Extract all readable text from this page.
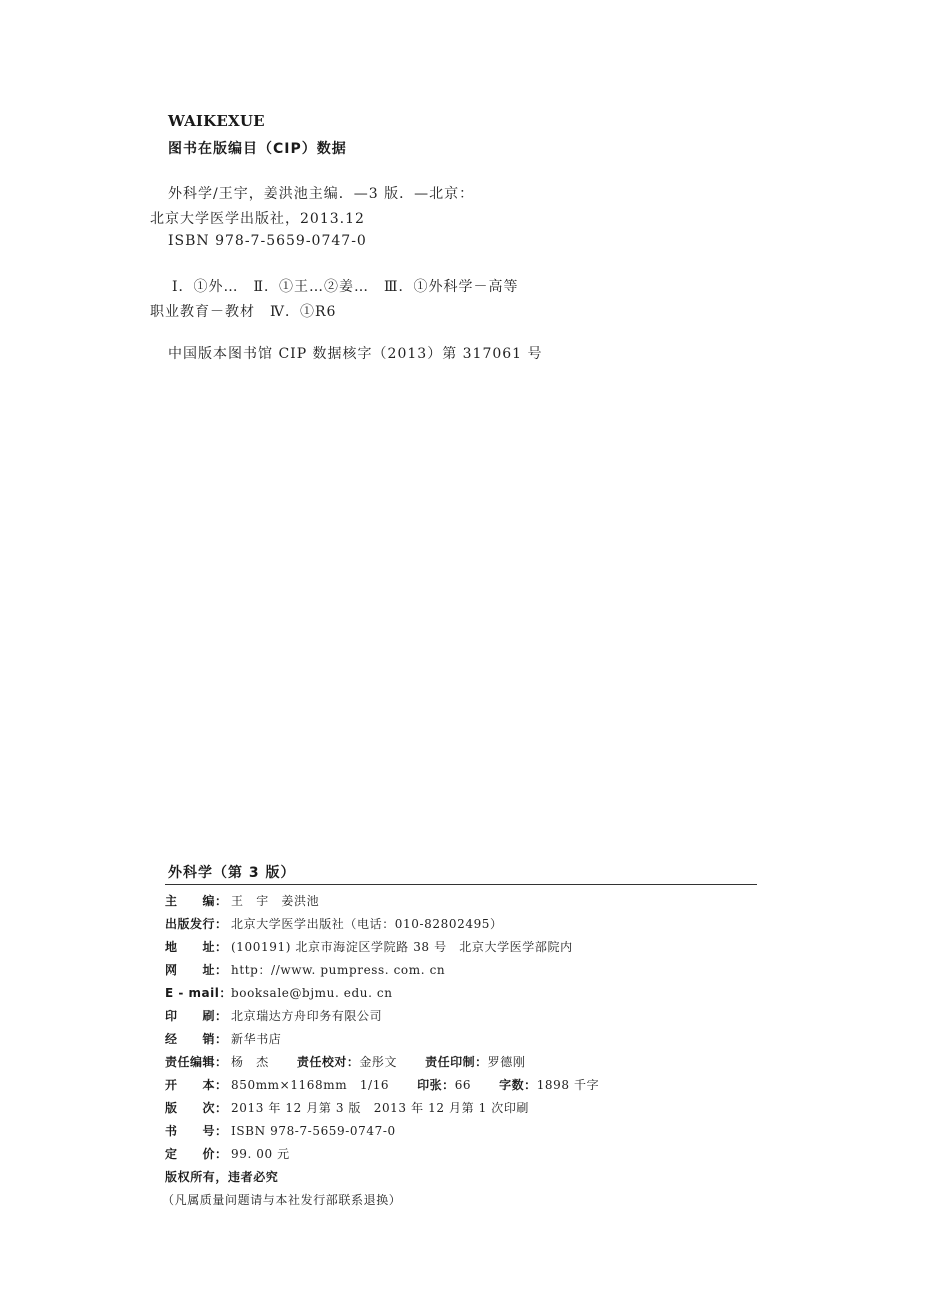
WAIKEXUE
图书在版编目（CIP）数据
外科学/王宇，姜洪池主编．—3 版．—北京：
北京大学医学出版社，2013.12
ISBN 978-7-5659-0747-0
Ⅰ．①外…　Ⅱ．①王…②姜…　Ⅲ．①外科学－高等
职业教育－教材　Ⅳ．①R6
中国版本图书馆 CIP 数据核字（2013）第 317061 号
外科学（第 3 版）
主　　编： 王　宇　姜洪池
出版发行： 北京大学医学出版社（电话：010-82802495）
地　　址： (100191) 北京市海淀区学院路 38 号　北京大学医学部院内
网　　址： http：//www. pumpress. com. cn
E - mail：booksale@bjmu. edu. cn
印　　刷： 北京瑞达方舟印务有限公司
经　　销： 新华书店
责任编辑： 杨　杰 责任校对：金彤文 责任印制：罗德刚
开　　本： 850mm×1168mm　1/16 印张：66 字数：1898 千字
版　　次： 2013 年 12 月第 3 版　2013 年 12 月第 1 次印刷
书　　号： ISBN 978-7-5659-0747-0
定　　价： 99. 00 元
版权所有，违者必究
（凡属质量问题请与本社发行部联系退换）
